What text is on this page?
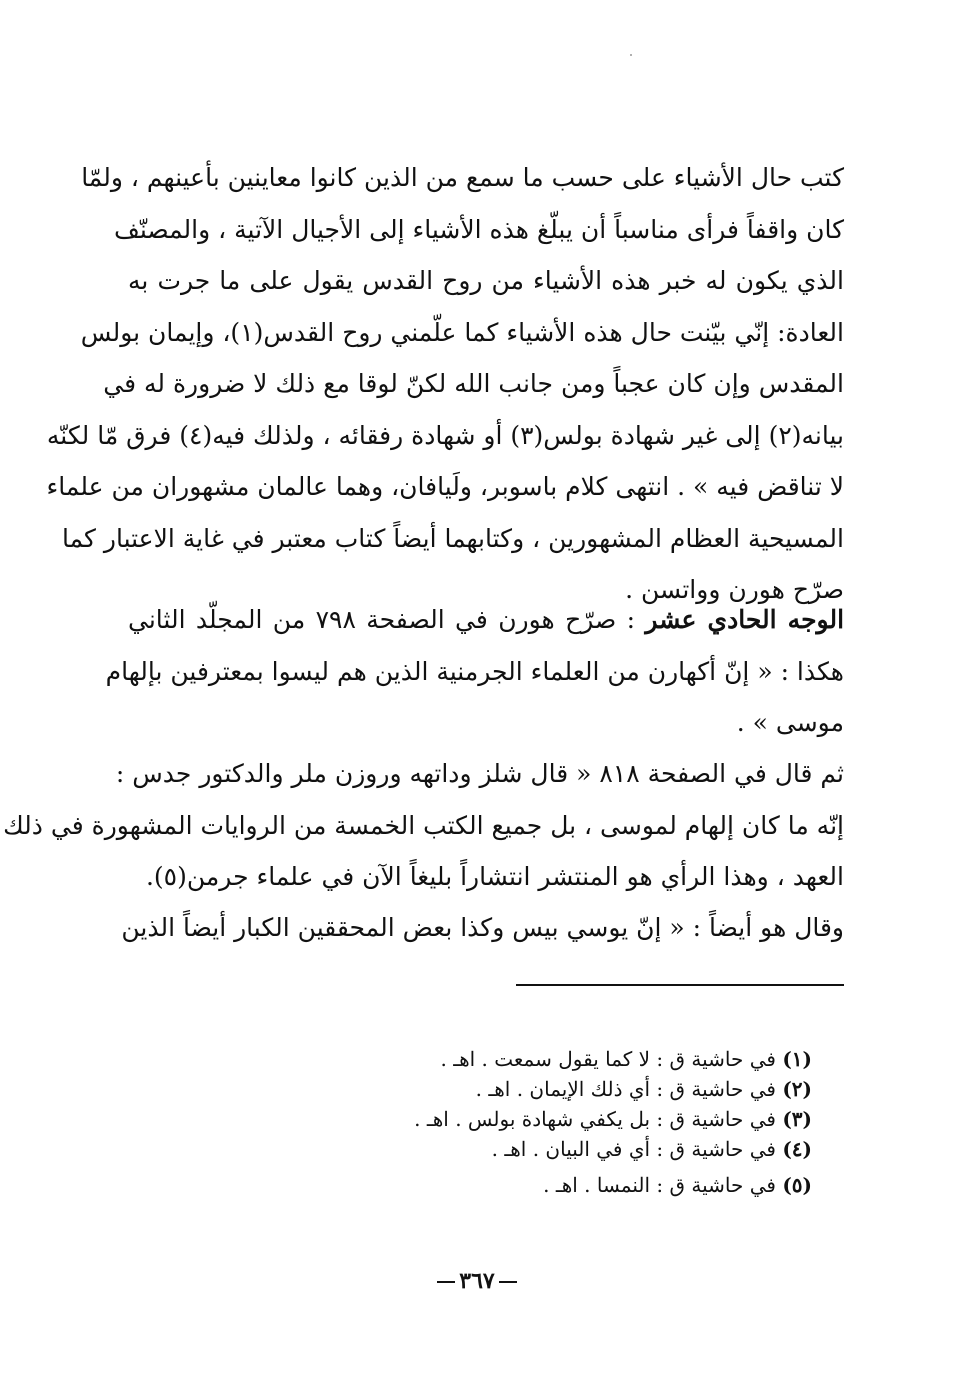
كتب حال الأشياء على حسب ما سمع من الذين كانوا معاينين بأعينهم ، ولمّا
كان واقفاً فرأى مناسباً أن يبلّغ هذه الأشياء إلى الأجيال الآتية ، والمصنّف
الذي يكون له خبر هذه الأشياء من روح القدس يقول على ما جرت به
العادة: إنّي بيّنت حال هذه الأشياء كما علّمني روح القدس(١)، وإيمان بولس
المقدس وإن كان عجباً ومن جانب الله لكنّ لوقا مع ذلك لا ضرورة له في
بيانه(٢) إلى غير شهادة بولس(٣) أو شهادة رفقائه ، ولذلك فيه(٤) فرق مّا لكنّه
لا تناقض فيه » . انتهى كلام باسوبر، ولَيافان، وهما عالمان مشهوران من علماء
المسيحية العظام المشهورين ، وكتابهما أيضاً كتاب معتبر في غاية الاعتبار كما
صرّح هورن وواتسن .

الوجه الحادي عشر : صرّح هورن في الصفحة ٧٩٨ من المجلّد الثاني
هكذا : « إنّ أكهارن من العلماء الجرمنية الذين هم ليسوا بمعترفين بإلهام
موسى » .

ثم قال في الصفحة ٨١٨ « قال شلز وداتهه وروزن ملر والدكتور جدس :
إنّه ما كان إلهام لموسى ، بل جميع الكتب الخمسة من الروايات المشهورة في ذلك
العهد ، وهذا الرأي هو المنتشر انتشاراً بليغاً الآن في علماء جرمن(٥).

وقال هو أيضاً : « إنّ يوسي بيس وكذا بعض المحققين الكبار أيضاً الذين

(١) في حاشية ق : لا كما يقول سمعت . اهـ .
(٢) في حاشية ق : أي ذلك الإيمان . اهـ .
(٣) في حاشية ق : بل يكفي شهادة بولس . اهـ .
(٤) في حاشية ق : أي في البيان . اهـ .
(٥) في حاشية ق : النمسا . اهـ .
٣٦٧
